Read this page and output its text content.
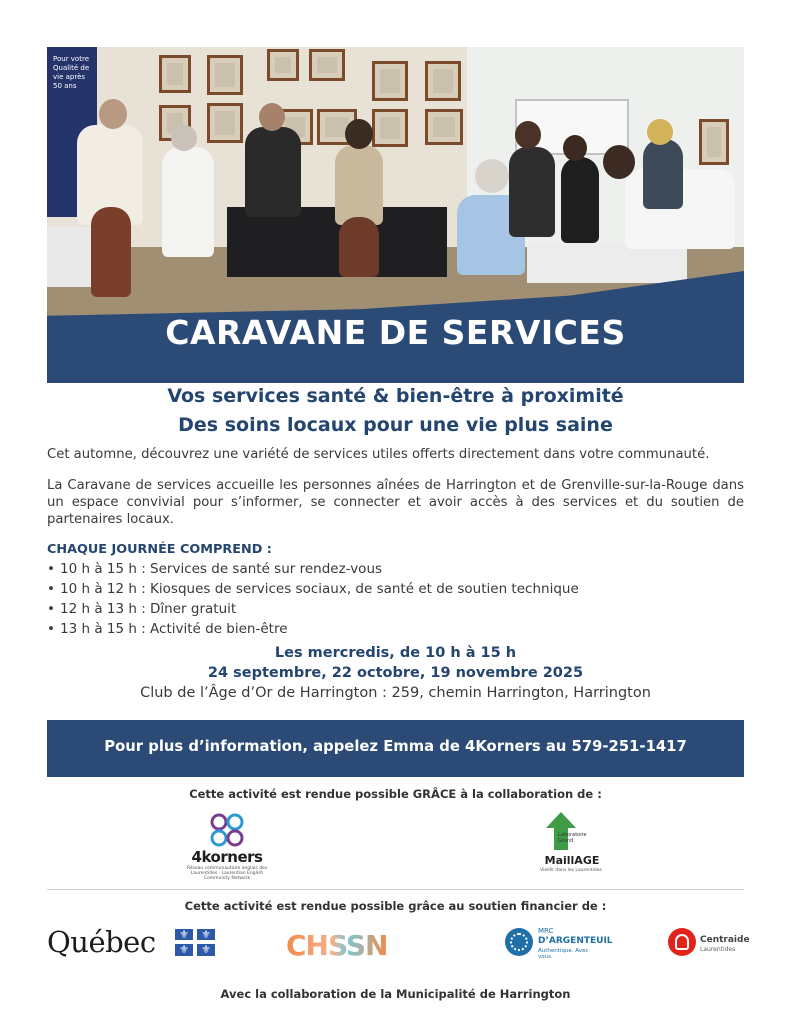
Pour votre Qualité de vie après 50 ans
CARAVANE DE SERVICES
Vos services santé & bien-être à proximité
Des soins locaux pour une vie plus saine
Cet automne, découvrez une variété de services utiles offerts directement dans votre communauté.
La Caravane de services accueille les personnes aînées de Harrington et de Grenville-sur-la-Rouge dans un espace convivial pour s’informer, se connecter et avoir accès à des services et du soutien de partenaires locaux.
CHAQUE JOURNÉE COMPREND :
• 10 h à 15 h : Services de santé sur rendez-vous
• 10 h à 12 h : Kiosques de services sociaux, de santé et de soutien technique
• 12 h à 13 h : Dîner gratuit
• 13 h à 15 h : Activité de bien-être
Les mercredis, de 10 h à 15 h
24 septembre, 22 octobre, 19 novembre 2025
Club de l’Âge d’Or de Harrington : 259, chemin Harrington, Harrington
Pour plus d’information, appelez Emma de 4Korners au 579-251-1417
Cette activité est rendue possible GRÂCE à la collaboration de :
4korners
Réseau communautaire anglais des Laurentides · Laurentian English Community Network
Laboratoire Grand
MaillAGE
Vieillir dans les Laurentides
Cette activité est rendue possible grâce au soutien financier de :
Québec	⚜	⚜
⚜	⚜	CHSSN	MRC
D’ARGENTEUIL
Authentique. Avec vous.
Centraide
Laurentides
Avec la collaboration de la Municipalité de Harrington
